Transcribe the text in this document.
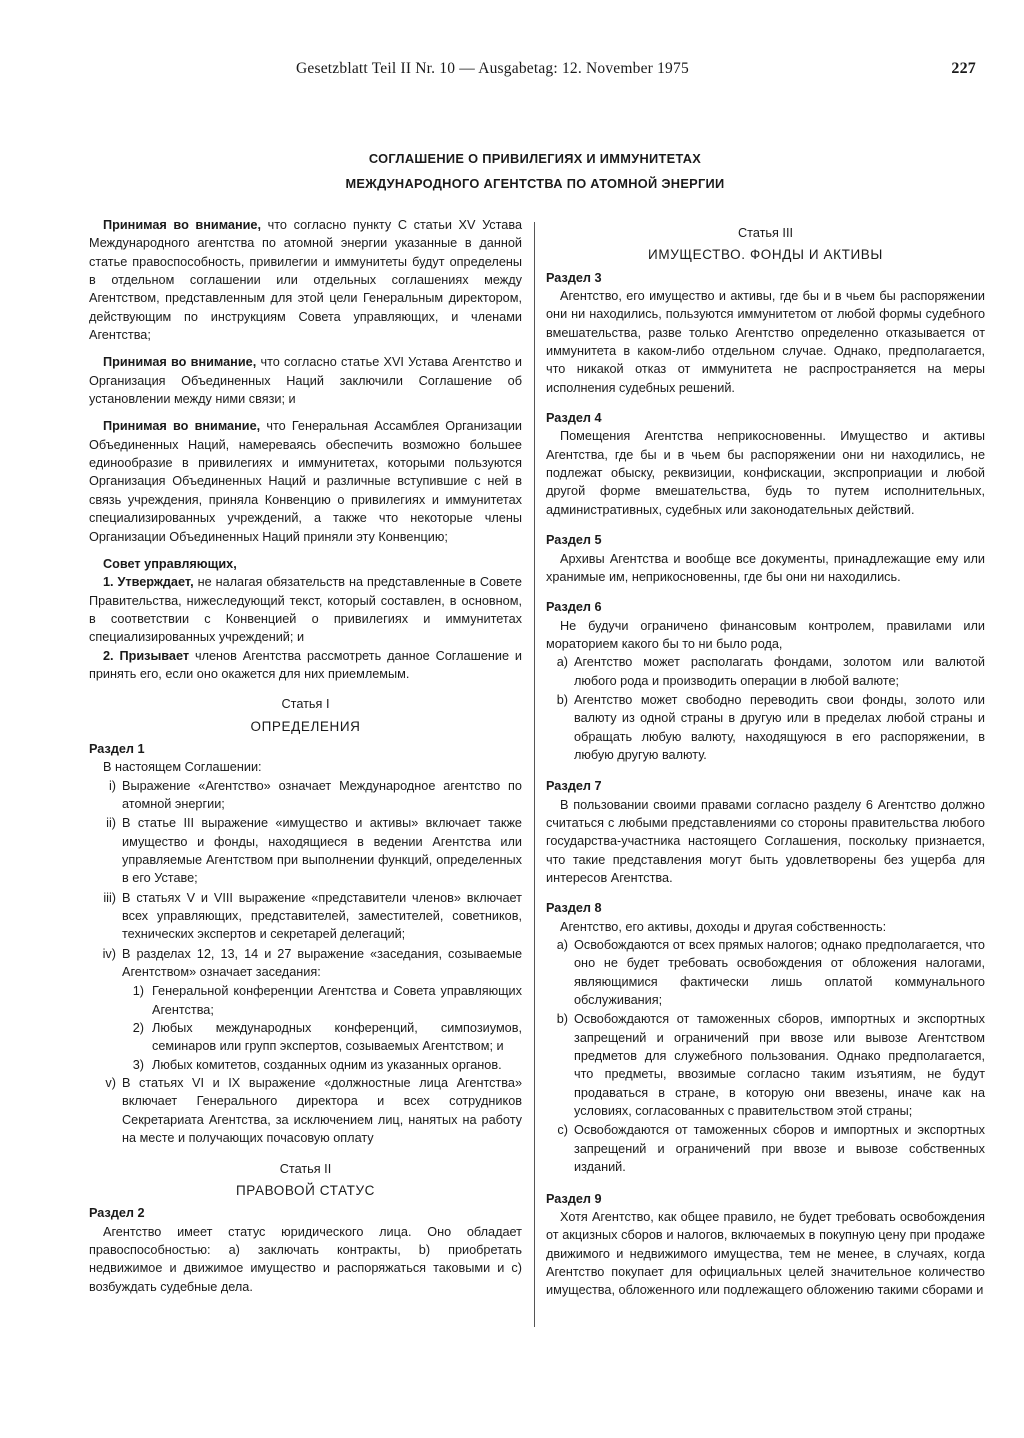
Gesetzblatt Teil II Nr. 10 — Ausgabetag: 12. November 1975	227
СОГЛАШЕНИЕ О ПРИВИЛЕГИЯХ И ИММУНИТЕТАХ
МЕЖДУНАРОДНОГО АГЕНТСТВА ПО АТОМНОЙ ЭНЕРГИИ

Принимая во внимание, что согласно пункту С статьи XV Устава Международного агентства по атомной энергии указанные в данной статье правоспособность, привилегии и иммунитеты будут определены в отдельном соглашении или отдельных соглашениях между Агентством, представленным для этой цели Генеральным директором, действующим по инструкциям Совета управляющих, и членами Агентства;

Принимая во внимание, что согласно статье XVI Устава Агентство и Организация Объединенных Наций заключили Соглашение об установлении между ними связи; и

Принимая во внимание, что Генеральная Ассамблея Организации Объединенных Наций, намереваясь обеспечить возможно большее единообразие в привилегиях и иммунитетах, которыми пользуются Организация Объединенных Наций и различные вступившие с ней в связь учреждения, приняла Конвенцию о привилегиях и иммунитетах специализированных учреждений, а также что некоторые члены Организации Объединенных Наций приняли эту Конвенцию;

Совет управляющих,

1. Утверждает, не налагая обязательств на представленные в Совете Правительства, нижеследующий текст, который составлен, в основном, в соответствии с Конвенцией о привилегиях и иммунитетах специализированных учреждений; и

2. Призывает членов Агентства рассмотреть данное Соглашение и принять его, если оно окажется для них приемлемым.

Статья I

ОПРЕДЕЛЕНИЯ

Раздел 1

В настоящем Соглашении:

i) Выражение «Агентство» означает Международное агентство по атомной энергии;
ii) В статье III выражение «имущество и активы» включает также имущество и фонды, находящиеся в ведении Агентства или управляемые Агентством при выполнении функций, определенных в его Уставе;
iii) В статьях V и VIII выражение «представители членов» включает всех управляющих, представителей, заместителей, советников, технических экспертов и секретарей делегаций;
iv) В разделах 12, 13, 14 и 27 выражение «заседания, созываемые Агентством» означает заседания:
1) Генеральной конференции Агентства и Совета управляющих Агентства;
2) Любых международных конференций, симпозиумов, семинаров или групп экспертов, созываемых Агентством; и
3) Любых комитетов, созданных одним из указанных органов.
v) В статьях VI и IX выражение «должностные лица Агентства» включает Генерального директора и всех сотрудников Секретариата Агентства, за исключением лиц, нанятых на работу на месте и получающих почасовую оплату

Статья II

ПРАВОВОЙ СТАТУС

Раздел 2

Агентство имеет статус юридического лица. Оно обладает правоспособностью: a) заключать контракты, b) приобретать недвижимое и движимое имущество и распоряжаться таковыми и c) возбуждать судебные дела.

Статья III

ИМУЩЕСТВО. ФОНДЫ И АКТИВЫ

Раздел 3

Агентство, его имущество и активы, где бы и в чьем бы распоряжении они ни находились, пользуются иммунитетом от любой формы судебного вмешательства, разве только Агентство определенно отказывается от иммунитета в каком-либо отдельном случае. Однако, предполагается, что никакой отказ от иммунитета не распространяется на меры исполнения судебных решений.

Раздел 4

Помещения Агентства неприкосновенны. Имущество и активы Агентства, где бы и в чьем бы распоряжении они ни находились, не подлежат обыску, реквизиции, конфискации, экспроприации и любой другой форме вмешательства, будь то путем исполнительных, административных, судебных или законодательных действий.

Раздел 5

Архивы Агентства и вообще все документы, принадлежащие ему или хранимые им, неприкосновенны, где бы они ни находились.

Раздел 6

Не будучи ограничено финансовым контролем, правилами или мораторием какого бы то ни было рода,

a) Агентство может располагать фондами, золотом или валютой любого рода и производить операции в любой валюте;
b) Агентство может свободно переводить свои фонды, золото или валюту из одной страны в другую или в пределах любой страны и обращать любую валюту, находящуюся в его распоряжении, в любую другую валюту.

Раздел 7

В пользовании своими правами согласно разделу 6 Агентство должно считаться с любыми представлениями со стороны правительства любого государства-участника настоящего Соглашения, поскольку признается, что такие представления могут быть удовлетворены без ущерба для интересов Агентства.

Раздел 8

Агентство, его активы, доходы и другая собственность:

a) Освобождаются от всех прямых налогов; однако предполагается, что оно не будет требовать освобождения от обложения налогами, являющимися фактически лишь оплатой коммунального обслуживания;
b) Освобождаются от таможенных сборов, импортных и экспортных запрещений и ограничений при ввозе или вывозе Агентством предметов для служебного пользования. Однако предполагается, что предметы, ввозимые согласно таким изъятиям, не будут продаваться в стране, в которую они ввезены, иначе как на условиях, согласованных с правительством этой страны;
c) Освобождаются от таможенных сборов и импортных и экспортных запрещений и ограничений при ввозе и вывозе собственных изданий.

Раздел 9

Хотя Агентство, как общее правило, не будет требовать освобождения от акцизных сборов и налогов, включаемых в покупную цену при продаже движимого и недвижимого имущества, тем не менее, в случаях, когда Агентство покупает для официальных целей значительное количество имущества, обложенного или подлежащего обложению такими сборами и
